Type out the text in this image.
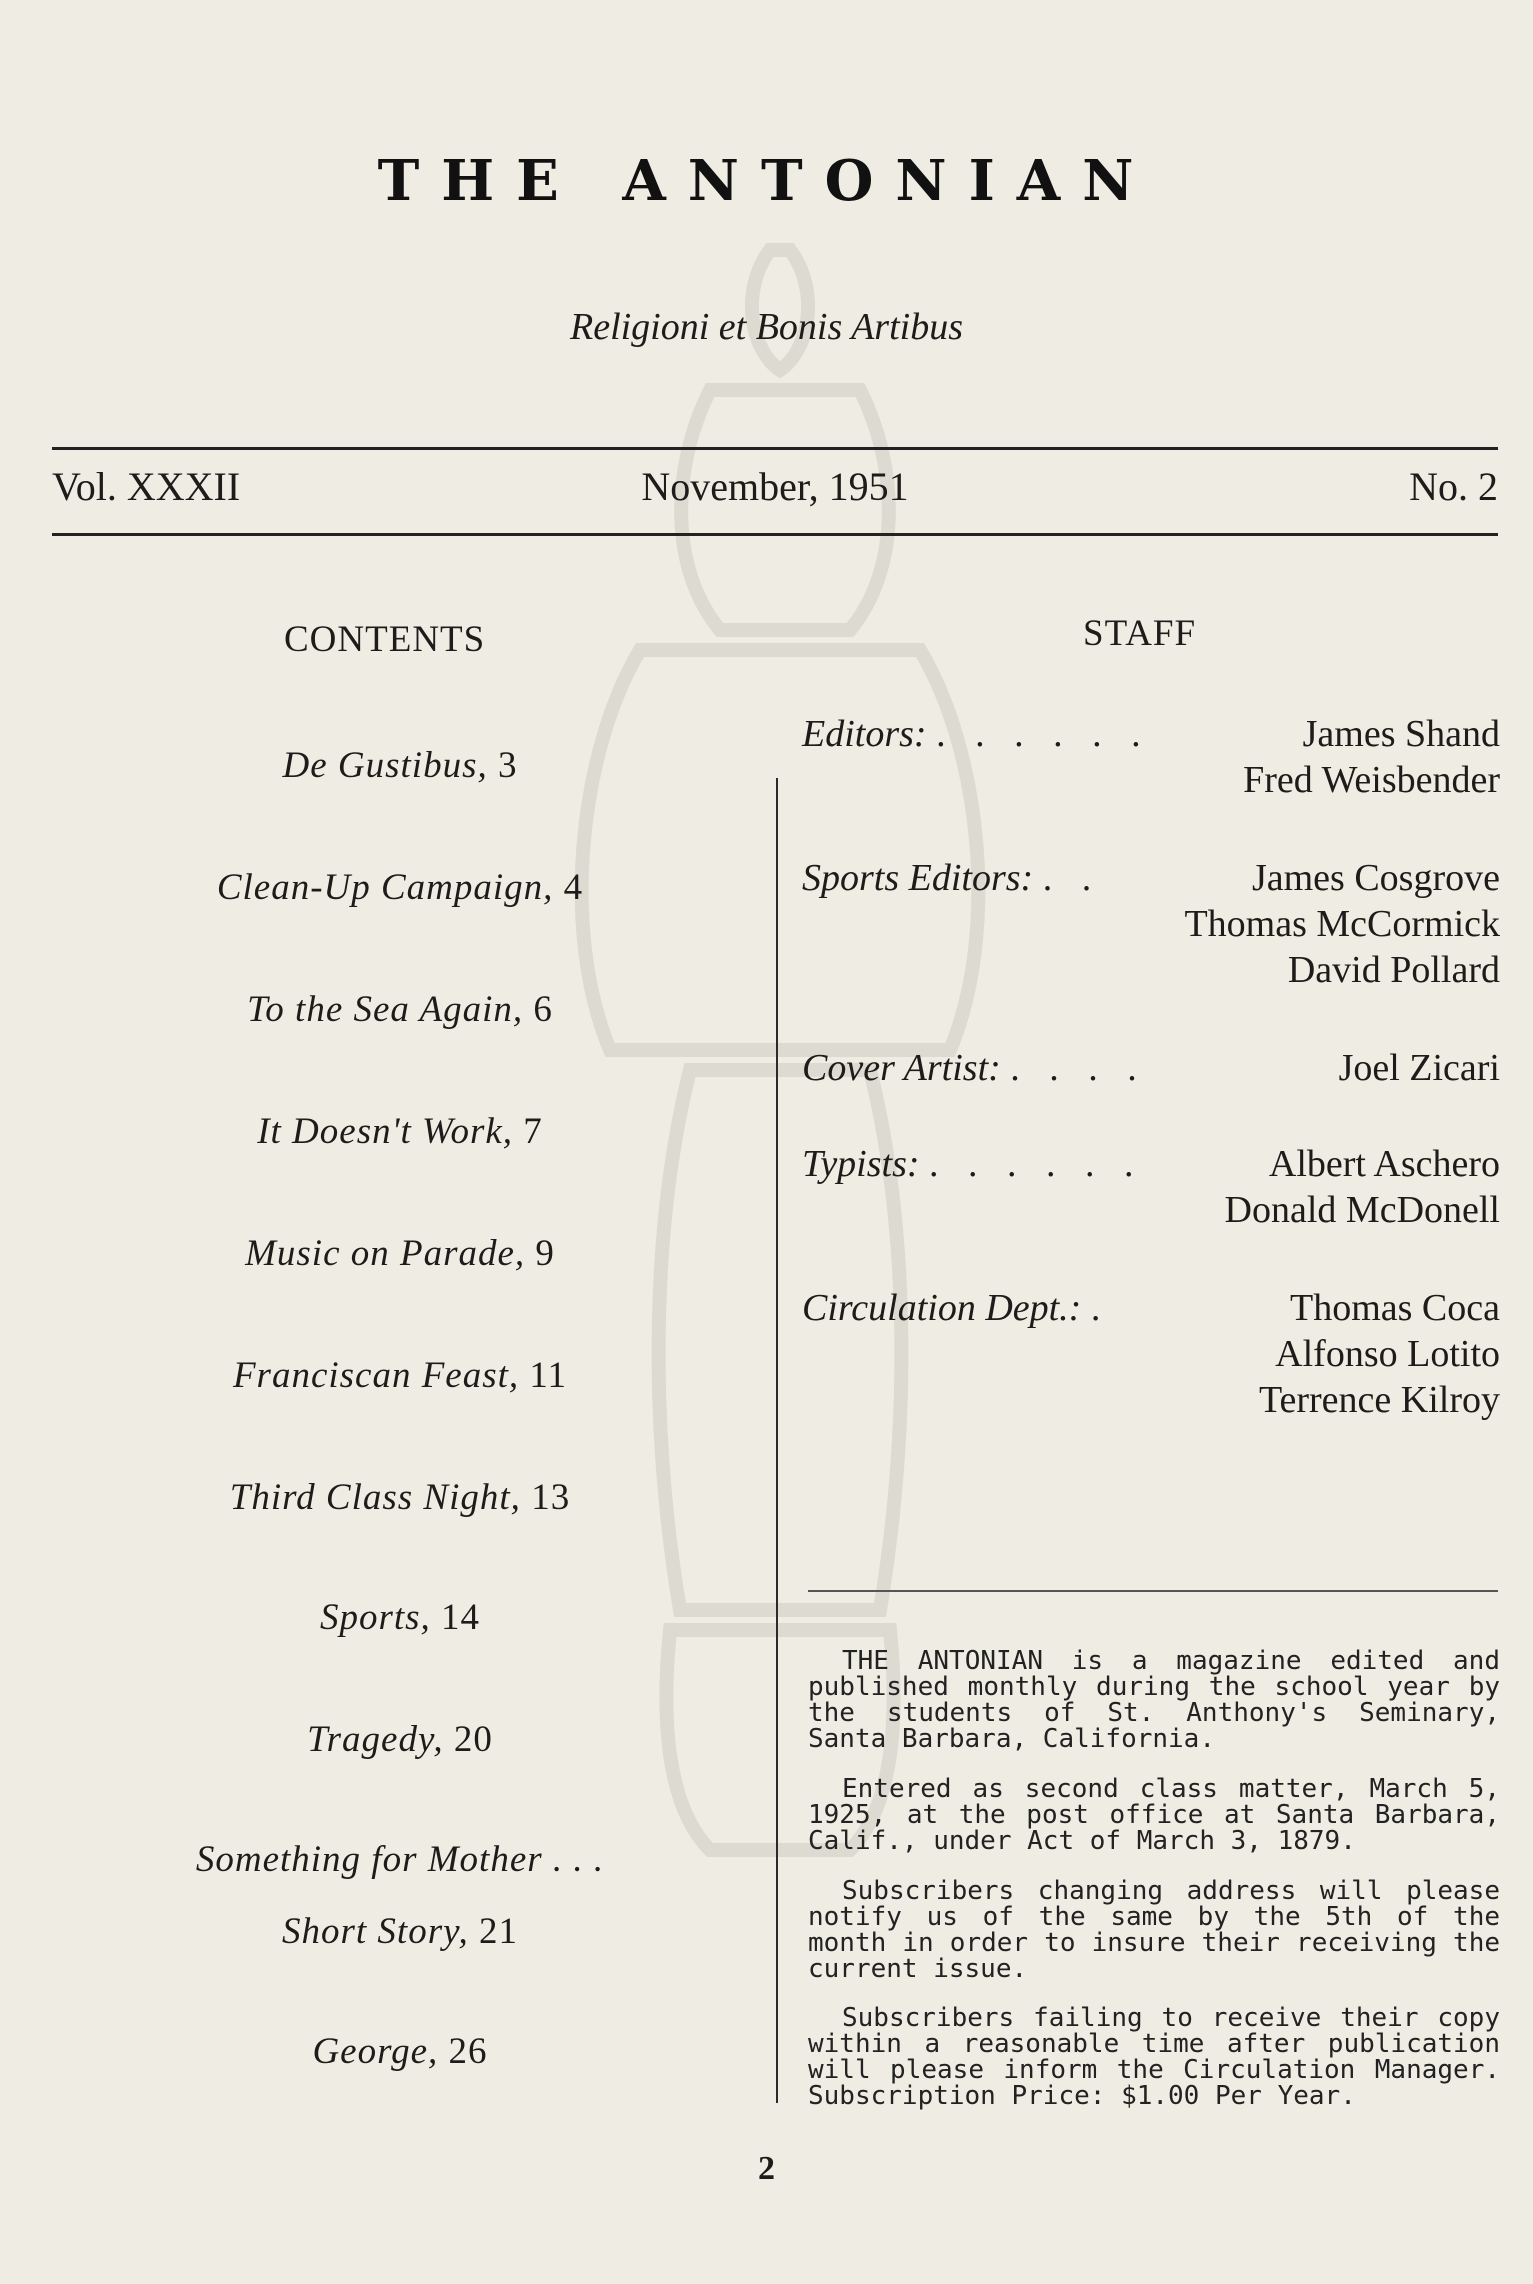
THE ANTONIAN
Religioni et Bonis Artibus
Vol. XXXII	November, 1951	No. 2
CONTENTS	STAFF
De Gustibus, 3
Clean-Up Campaign, 4
To the Sea Again, 6
It Doesn't Work, 7
Music on Parade, 9
Franciscan Feast, 11
Third Class Night, 13
Sports, 14
Tragedy, 20
Something for Mother . . .
Short Story, 21
George, 26
Editors: . . . . . .	James Shand
Fred Weisbender
Sports Editors: . .	James Cosgrove
Thomas McCormick
David Pollard
Cover Artist: . . . .	Joel Zicari
Typists: . . . . . .	Albert Aschero
Donald McDonell
Circulation Dept.: .	Thomas Coca
Alfonso Lotito
Terrence Kilroy

THE ANTONIAN is a magazine edited and published monthly during the school year by the students of St. Anthony's Seminary, Santa Barbara, California.

Entered as second class matter, March 5, 1925, at the post office at Santa Barbara, Calif., under Act of March 3, 1879.

Subscribers changing address will please notify us of the same by the 5th of the month in order to insure their receiving the current issue.

Subscribers failing to receive their copy within a reasonable time after publication will please inform the Circulation Manager. Subscription Price: $1.00 Per Year.

2
